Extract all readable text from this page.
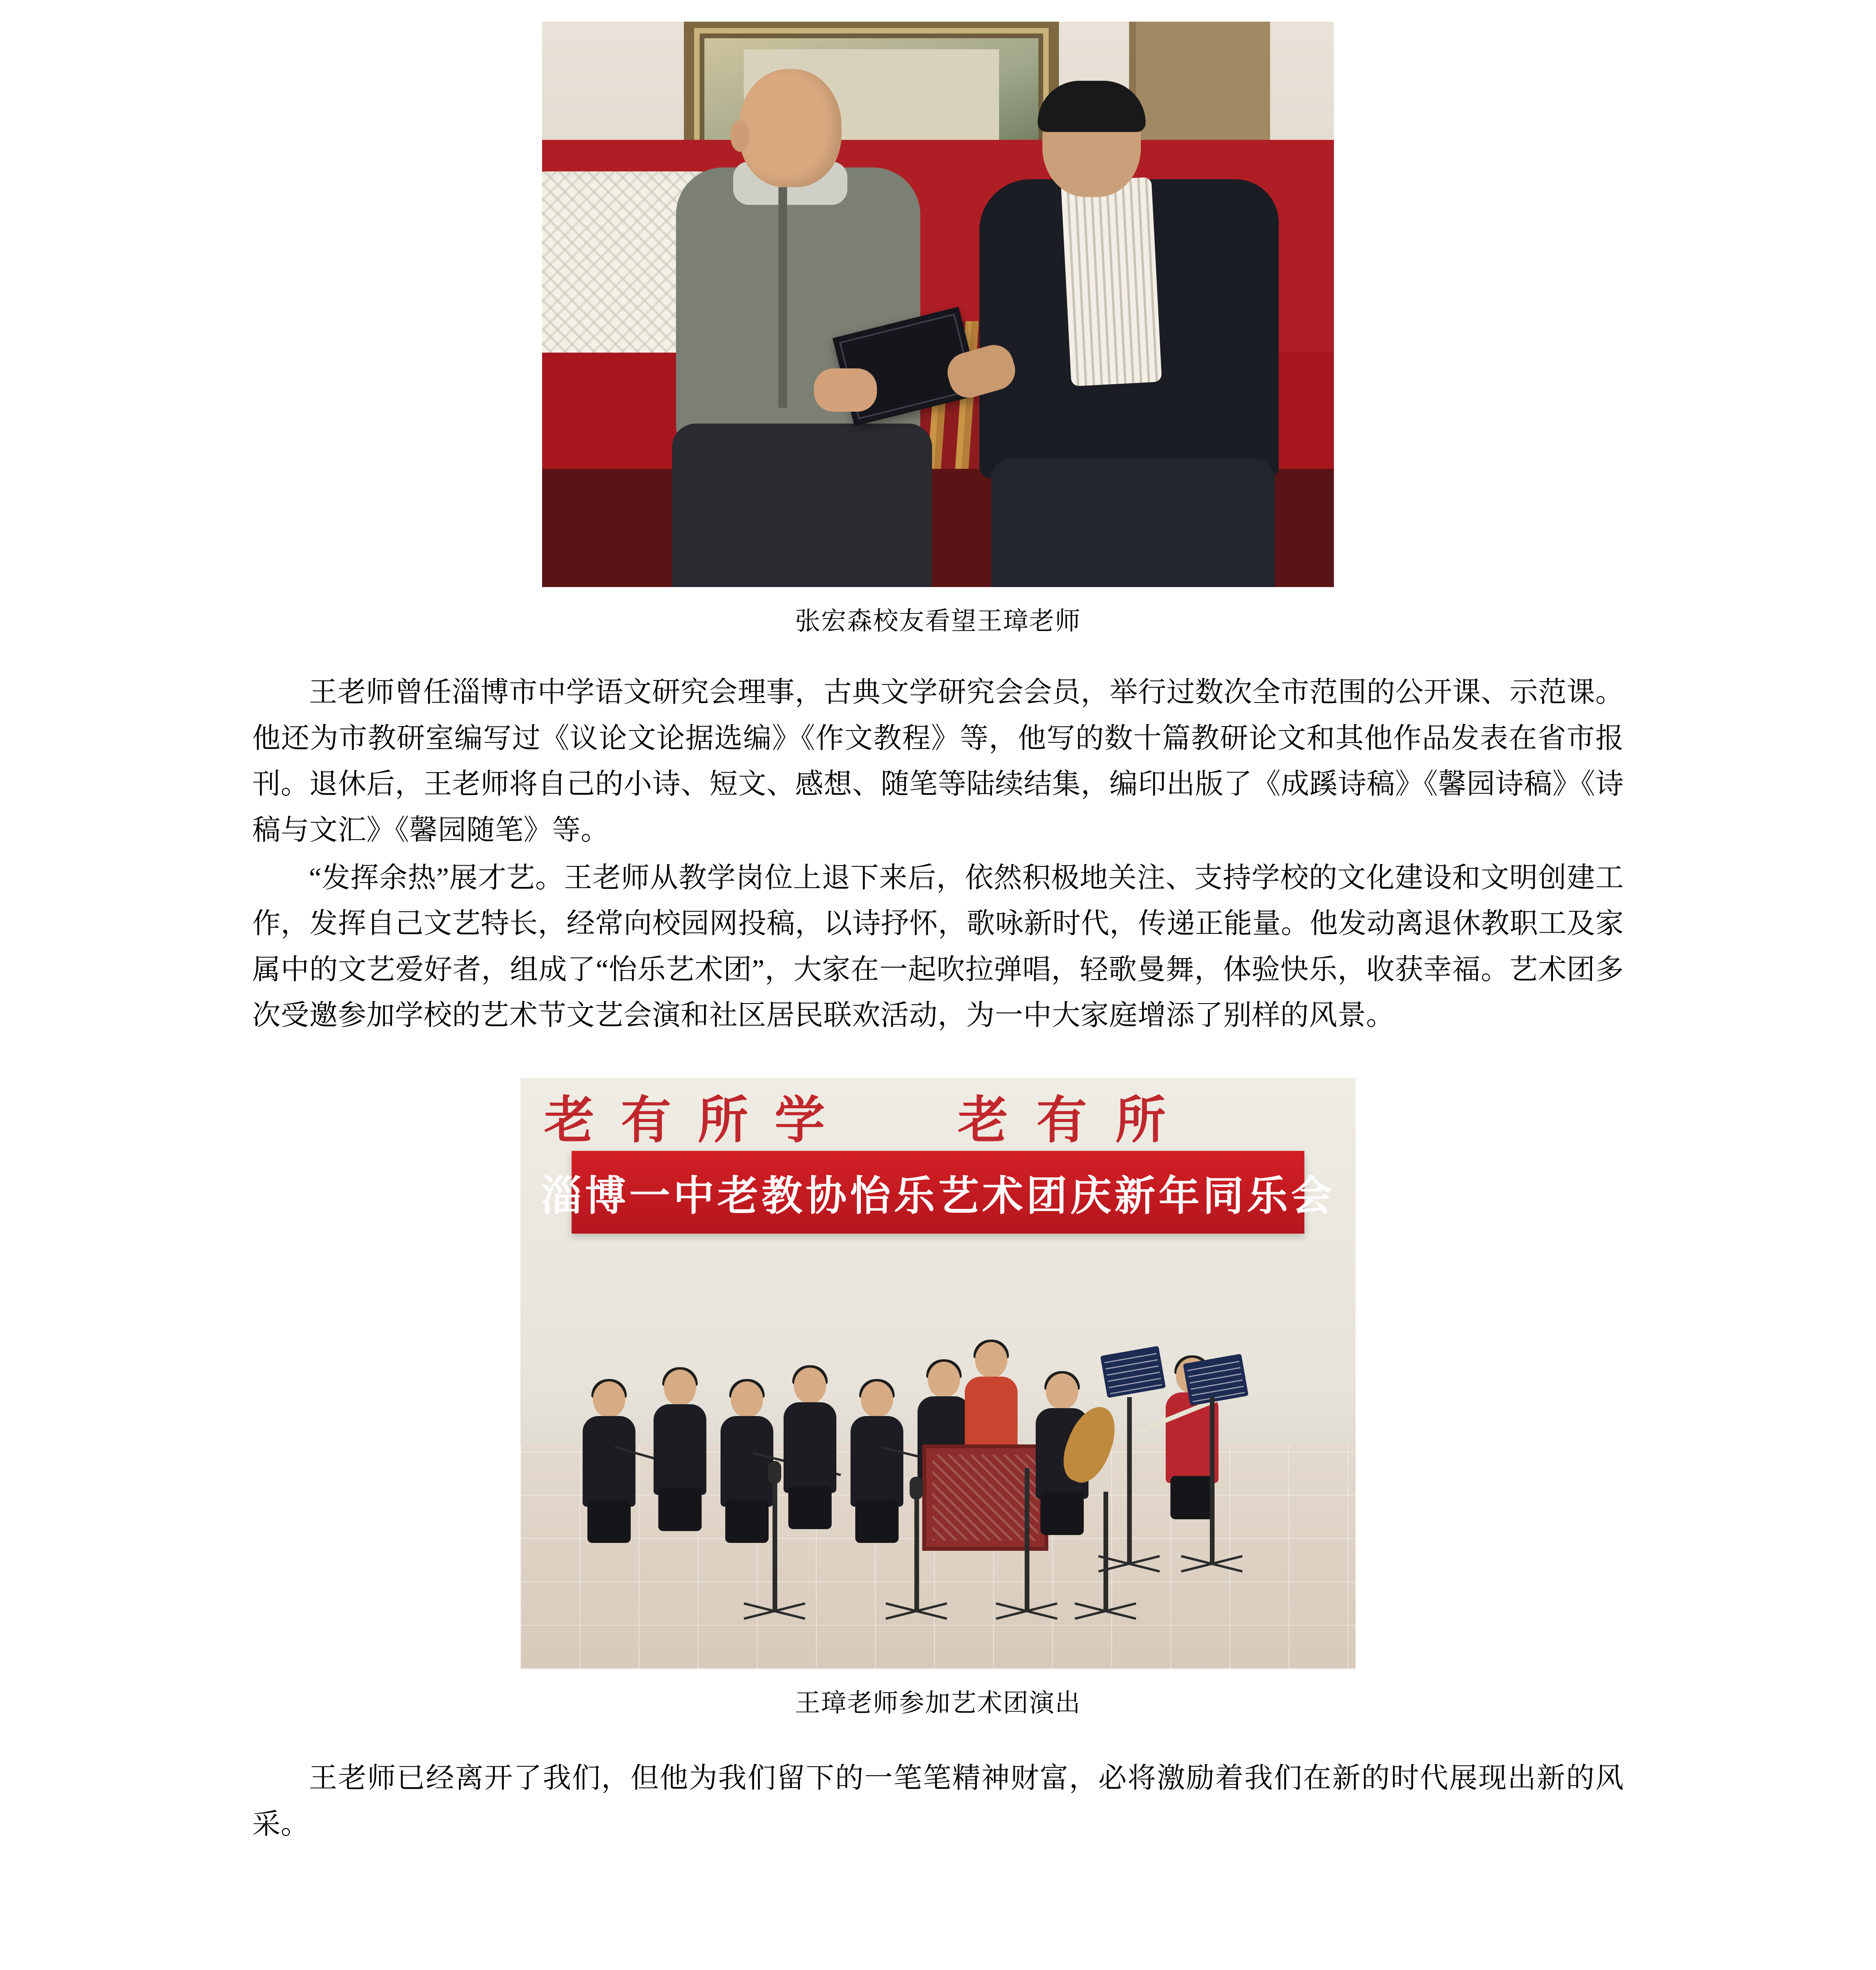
张宏森校友看望王璋老师

王老师曾任淄博市中学语文研究会理事，古典文学研究会会员，举行过数次全市范围的公开课、示范课。他还为市教研室编写过《议论文论据选编》《作文教程》等，他写的数十篇教研论文和其他作品发表在省市报刊。退休后，王老师将自己的小诗、短文、感想、随笔等陆续结集，编印出版了《成蹊诗稿》《馨园诗稿》《诗稿与文汇》《馨园随笔》等。

“发挥余热”展才艺。王老师从教学岗位上退下来后，依然积极地关注、支持学校的文化建设和文明创建工作，发挥自己文艺特长，经常向校园网投稿，以诗抒怀，歌咏新时代，传递正能量。他发动离退休教职工及家属中的文艺爱好者，组成了“怡乐艺术团”，大家在一起吹拉弹唱，轻歌曼舞，体验快乐，收获幸福。艺术团多次受邀参加学校的艺术节文艺会演和社区居民联欢活动，为一中大家庭增添了别样的风景。

老 有 所 学	老 有 所
淄博一中老教协怡乐艺术团庆新年同乐会
王璋老师参加艺术团演出

王老师已经离开了我们，但他为我们留下的一笔笔精神财富，必将激励着我们在新的时代展现出新的风采。
